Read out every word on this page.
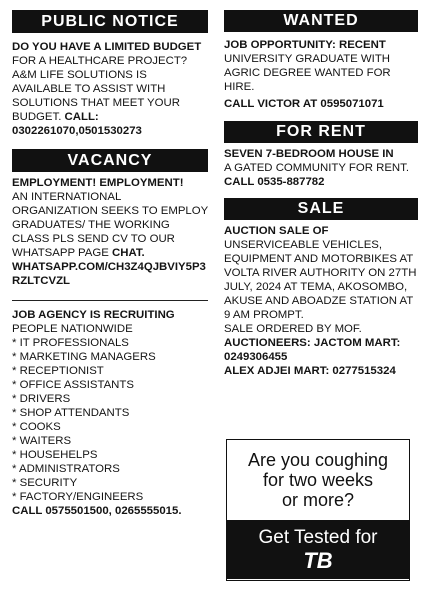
PUBLIC NOTICE
DO YOU HAVE A LIMITED BUDGET FOR A HEALTHCARE PROJECT? A&M LIFE SOLUTIONS IS AVAILABLE TO ASSIST WITH SOLUTIONS THAT MEET YOUR BUDGET. CALL: 0302261070,0501530273
VACANCY
EMPLOYMENT! EMPLOYMENT!
AN INTERNATIONAL ORGANIZATION SEEKS TO EMPLOY GRADUATES/ THE WORKING CLASS PLS SEND CV TO OUR WHATSAPP PAGE CHAT. WHATSAPP.COM/CH3Z4QJBVIY5P3RZLTCVZL
JOB AGENCY IS RECRUITING
PEOPLE NATIONWIDE
* IT PROFESSIONALS
* MARKETING MANAGERS
* RECEPTIONIST
* OFFICE ASSISTANTS
* DRIVERS
* SHOP ATTENDANTS
* COOKS
* WAITERS
* HOUSEHELPS
* ADMINISTRATORS
* SECURITY
* FACTORY/ENGINEERS
CALL 0575501500, 0265555015.
WANTED
JOB OPPORTUNITY: RECENT
UNIVERSITY GRADUATE WITH AGRIC DEGREE WANTED FOR HIRE.
CALL VICTOR AT 0595071071
FOR RENT
SEVEN 7-BEDROOM HOUSE IN
A GATED COMMUNITY FOR RENT. CALL 0535-887782
SALE
AUCTION SALE OF
UNSERVICEABLE VEHICLES, EQUIPMENT AND MOTORBIKES AT VOLTA RIVER AUTHORITY ON 27TH JULY, 2024 AT TEMA, AKOSOMBO, AKUSE AND ABOADZE STATION AT 9 AM PROMPT.
SALE ORDERED BY MOF.
AUCTIONEERS: JACTOM MART: 0249306455
ALEX ADJEI MART: 0277515324
Are you coughing
for two weeks
or more?
Get Tested for
TB
